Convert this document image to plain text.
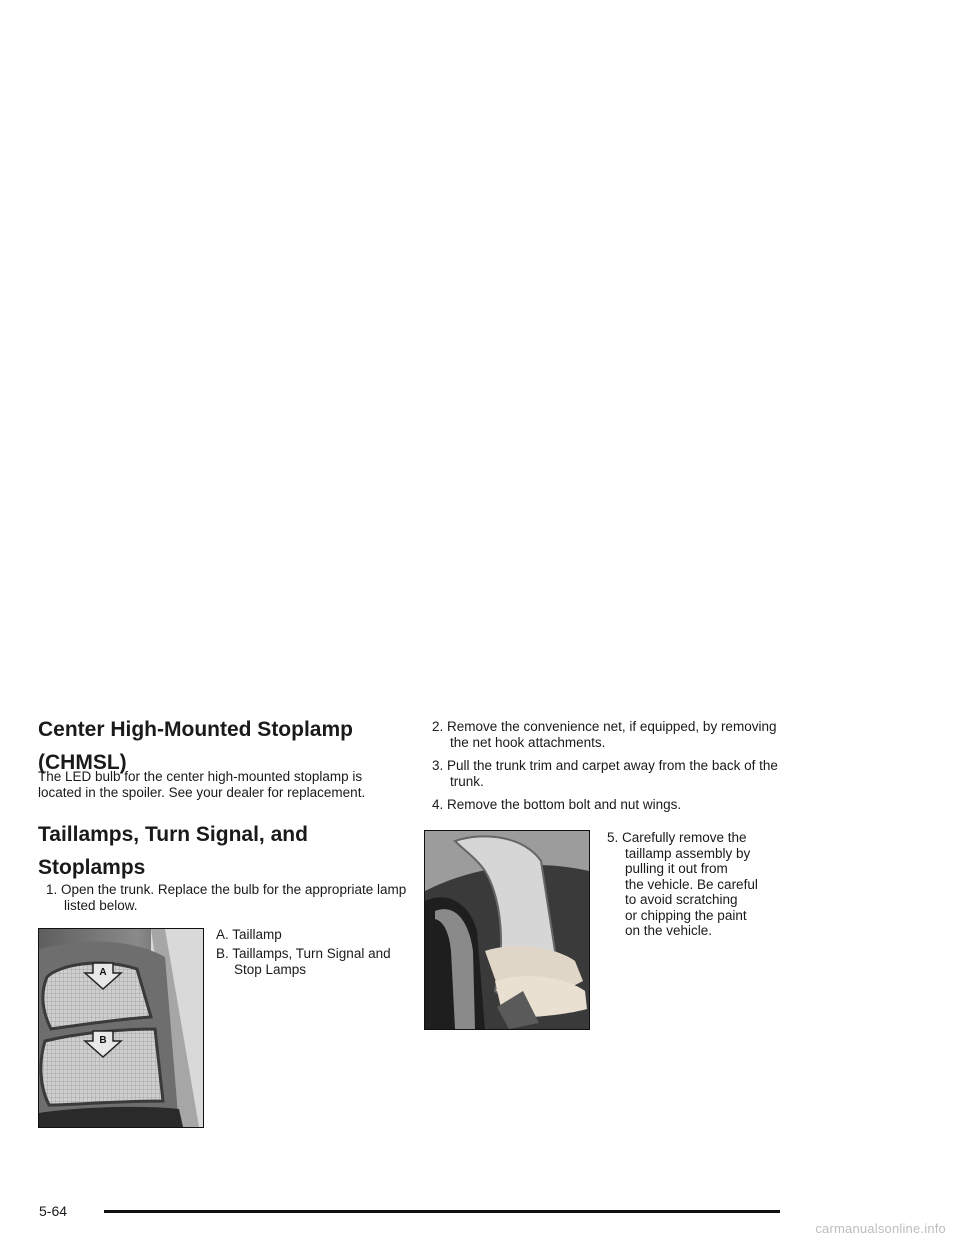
Center High-Mounted Stoplamp
(CHMSL)

The LED bulb for the center high-mounted stoplamp is located in the spoiler. See your dealer for replacement.

Taillamps, Turn Signal, and
Stoplamps

1. Open the trunk. Replace the bulb for the appropriate lamp listed below.

A
B

A. Taillamp

B. Taillamps, Turn Signal and Stop Lamps

2. Remove the convenience net, if equipped, by removing the net hook attachments.

3. Pull the trunk trim and carpet away from the back of the trunk.

4. Remove the bottom bolt and nut wings.

5. Carefully remove the
taillamp assembly by
pulling it out from
the vehicle. Be careful
to avoid scratching
or chipping the paint
on the vehicle.
5-64
carmanualsonline.info
